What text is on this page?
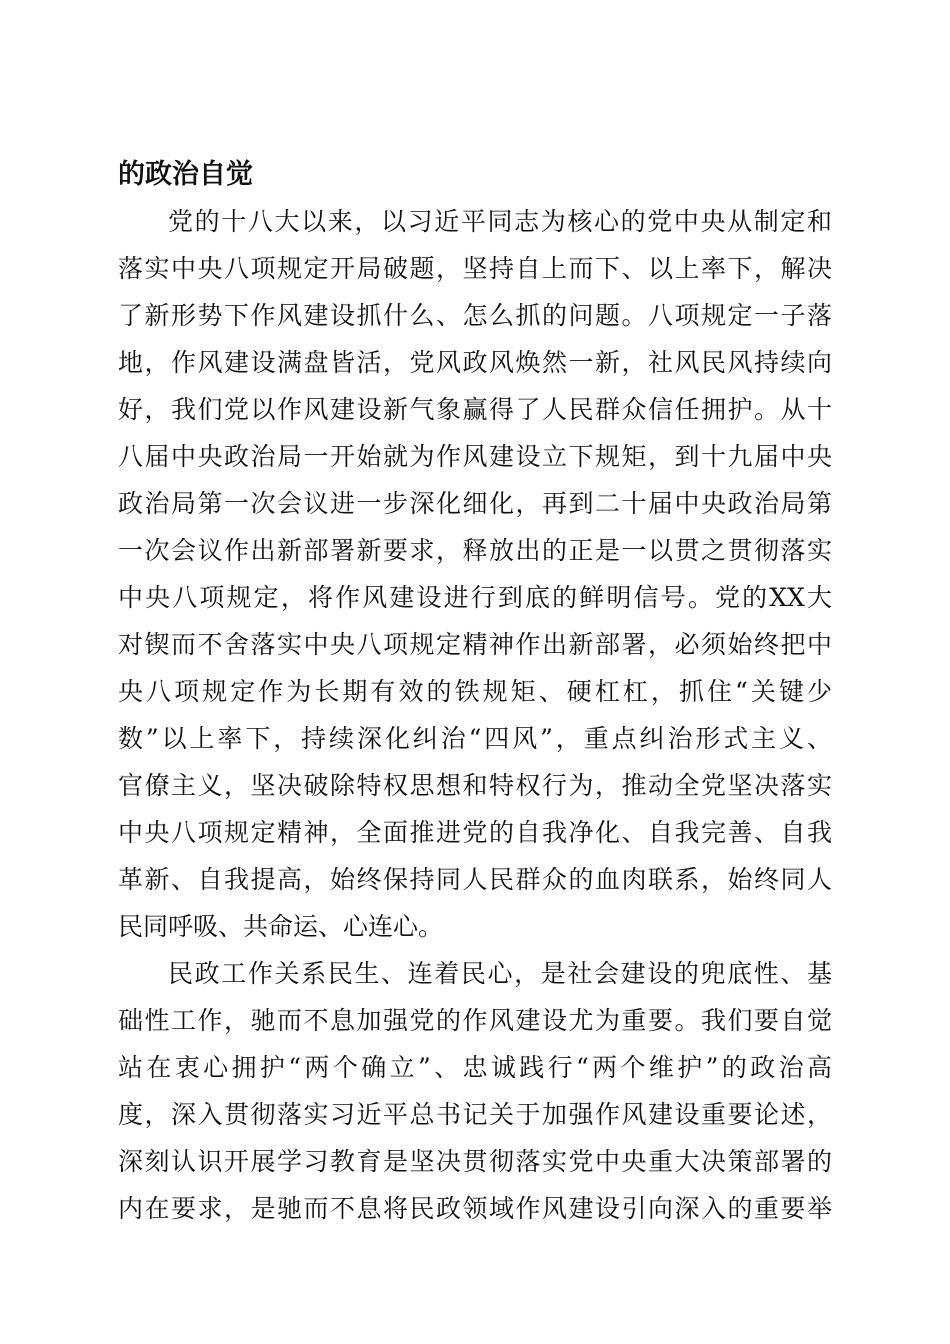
的政治自觉
党的十八大以来，以习近平同志为核心的党中央从制定和
落实中央八项规定开局破题，坚持自上而下、以上率下，解决
了新形势下作风建设抓什么、怎么抓的问题。八项规定一子落
地，作风建设满盘皆活，党风政风焕然一新，社风民风持续向
好，我们党以作风建设新气象赢得了人民群众信任拥护。从十
八届中央政治局一开始就为作风建设立下规矩，到十九届中央
政治局第一次会议进一步深化细化，再到二十届中央政治局第
一次会议作出新部署新要求，释放出的正是一以贯之贯彻落实
中央八项规定，将作风建设进行到底的鲜明信号。党的XX大
对锲而不舍落实中央八项规定精神作出新部署，必须始终把中
央八项规定作为长期有效的铁规矩、硬杠杠，抓住“关键少
数”以上率下，持续深化纠治“四风”，重点纠治形式主义、
官僚主义，坚决破除特权思想和特权行为，推动全党坚决落实
中央八项规定精神，全面推进党的自我净化、自我完善、自我
革新、自我提高，始终保持同人民群众的血肉联系，始终同人
民同呼吸、共命运、心连心。
民政工作关系民生、连着民心，是社会建设的兜底性、基
础性工作，驰而不息加强党的作风建设尤为重要。我们要自觉
站在衷心拥护“两个确立”、忠诚践行“两个维护”的政治高
度，深入贯彻落实习近平总书记关于加强作风建设重要论述，
深刻认识开展学习教育是坚决贯彻落实党中央重大决策部署的
内在要求，是驰而不息将民政领域作风建设引向深入的重要举
